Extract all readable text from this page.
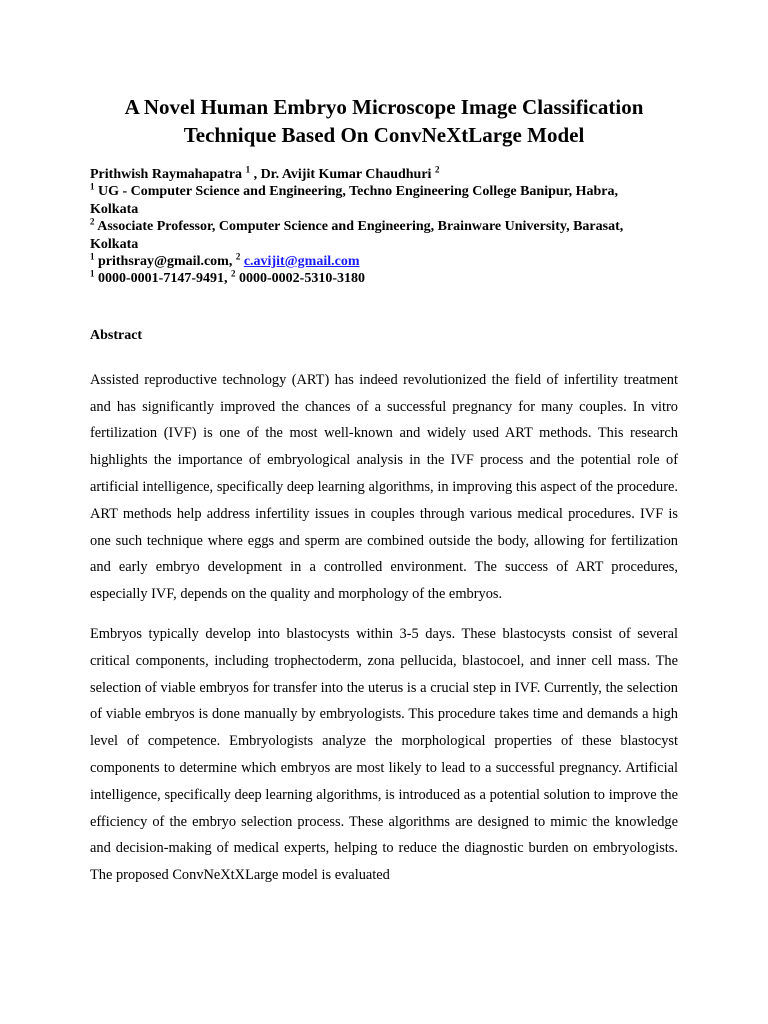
A Novel Human Embryo Microscope Image Classification
Technique Based On ConvNeXtLarge Model
Prithwish Raymahapatra $^1$ , Dr. Avijit Kumar Chaudhuri $^2$
$^1$ UG - Computer Science and Engineering, Techno Engineering College Banipur, Habra,
Kolkata
$^2$ Associate Professor, Computer Science and Engineering, Brainware University, Barasat,
Kolkata
$^1$ prithsray@gmail.com, $^2$ c.avijit@gmail.com
$^1$ 0000-0001-7147-9491, $^2$ 0000-0002-5310-3180
Abstract

Assisted reproductive technology (ART) has indeed revolutionized the field of infertility treatment and has significantly improved the chances of a successful pregnancy for many couples. In vitro fertilization (IVF) is one of the most well-known and widely used ART methods. This research highlights the importance of embryological analysis in the IVF process and the potential role of artificial intelligence, specifically deep learning algorithms, in improving this aspect of the procedure. ART methods help address infertility issues in couples through various medical procedures. IVF is one such technique where eggs and sperm are combined outside the body, allowing for fertilization and early embryo development in a controlled environment. The success of ART procedures, especially IVF, depends on the quality and morphology of the embryos.

Embryos typically develop into blastocysts within 3-5 days. These blastocysts consist of several critical components, including trophectoderm, zona pellucida, blastocoel, and inner cell mass. The selection of viable embryos for transfer into the uterus is a crucial step in IVF. Currently, the selection of viable embryos is done manually by embryologists. This procedure takes time and demands a high level of competence. Embryologists analyze the morphological properties of these blastocyst components to determine which embryos are most likely to lead to a successful pregnancy. Artificial intelligence, specifically deep learning algorithms, is introduced as a potential solution to improve the efficiency of the embryo selection process. These algorithms are designed to mimic the knowledge and decision-making of medical experts, helping to reduce the diagnostic burden on embryologists. The proposed ConvNeXtXLarge model is evaluated
